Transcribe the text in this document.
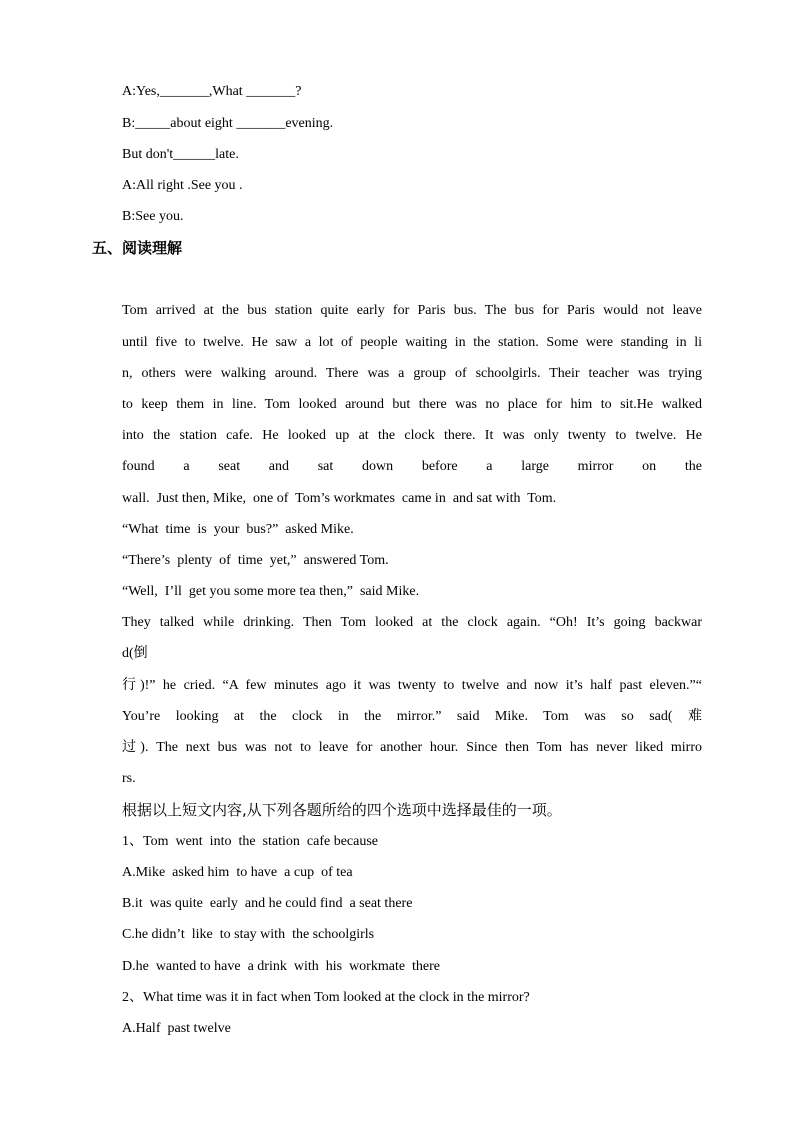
A:Yes,_______,What _______?
B:_____about eight _______evening.
But don't______late.
A:All right .See you .
B:See you.
五、阅读理解
Tom arrived at the bus station quite early for Paris bus. The bus for Paris would not leave
until five to twelve. He saw a lot of people waiting in the station. Some were standing in li
n, others were walking around. There was a group of schoolgirls. Their teacher was trying
to keep them in line. Tom looked around but there was no place for him to sit.He walked
into the station cafe. He looked up at the clock there. It was only twenty to twelve. He
found a seat and sat down before a large mirror on the
wall.  Just then, Mike,  one of  Tom’s workmates  came in  and sat with  Tom.
“What  time  is  your  bus?”  asked Mike.
“There’s  plenty  of  time  yet,”  answered Tom.
“Well,  I’ll  get you some more tea then,”  said Mike.
They talked while drinking. Then Tom looked at the clock again. “Oh! It’s going backwar
d(倒
行)!” he cried. “A few minutes ago it was twenty to twelve and now it’s half past eleven.”“
You’re looking at the clock in the mirror.” said Mike. Tom was so sad( 难
过). The next bus was not to leave for another hour. Since then Tom has never liked mirro
rs.
根据以上短文内容,从下列各题所给的四个选项中选择最佳的一项。
1、Tom  went  into  the  station  cafe because
A.Mike  asked him  to have  a cup  of tea
B.it  was quite  early  and he could find  a seat there
C.he didn’t  like  to stay with  the schoolgirls
D.he  wanted to have  a drink  with  his  workmate  there
2、What time was it in fact when Tom looked at the clock in the mirror?
A.Half  past twelve
